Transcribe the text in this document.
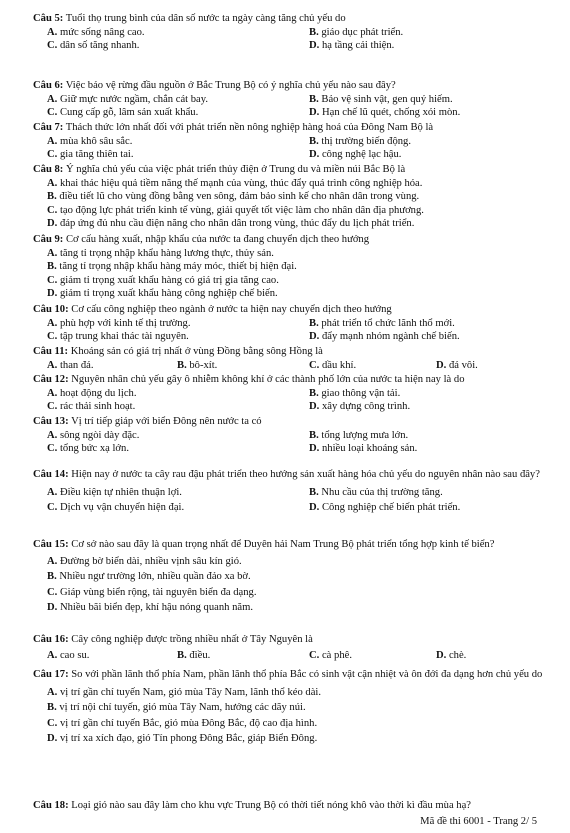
Câu 5: Tuổi thọ trung bình của dân số nước ta ngày càng tăng chủ yếu do
A. mức sống nâng cao.	B. giáo dục phát triển.
C. dân số tăng nhanh.	D. hạ tầng cải thiện.
Câu 6: Việc bảo vệ rừng đầu nguồn ở Bắc Trung Bộ có ý nghĩa chủ yếu nào sau đây?
A. Giữ mực nước ngầm, chắn cát bay.	B. Bảo vệ sinh vật, gen quý hiếm.
C. Cung cấp gỗ, lâm sản xuất khẩu.	D. Hạn chế lũ quét, chống xói mòn.
Câu 7: Thách thức lớn nhất đối với phát triển nền nông nghiệp hàng hoá của Đông Nam Bộ là
A. mùa khô sâu sắc.	B. thị trường biến động.
C. gia tăng thiên tai.	D. công nghệ lạc hậu.
Câu 8: Ý nghĩa chủ yếu của việc phát triển thủy điện ở Trung du và miền núi Bắc Bộ là
A. khai thác hiệu quả tiềm năng thế mạnh của vùng, thúc đẩy quá trình công nghiệp hóa.
B. điều tiết lũ cho vùng đồng bằng ven sông, đảm bảo sinh kế cho nhân dân trong vùng.
C. tạo động lực phát triển kinh tế vùng, giải quyết tốt việc làm cho nhân dân địa phương.
D. đáp ứng đủ nhu cầu điện năng cho nhân dân trong vùng, thúc đẩy du lịch phát triển.
Câu 9: Cơ cấu hàng xuất, nhập khẩu của nước ta đang chuyển dịch theo hướng
A. tăng tỉ trọng nhập khẩu hàng lương thực, thủy sản.
B. tăng tỉ trọng nhập khẩu hàng máy móc, thiết bị hiện đại.
C. giảm tỉ trọng xuất khẩu hàng có giá trị gia tăng cao.
D. giảm tỉ trọng xuất khẩu hàng công nghiệp chế biến.
Câu 10: Cơ cấu công nghiệp theo ngành ở nước ta hiện nay chuyển dịch theo hướng
A. phù hợp với kinh tế thị trường.	B. phát triển tổ chức lãnh thổ mới.
C. tập trung khai thác tài nguyên.	D. đẩy mạnh nhóm ngành chế biến.
Câu 11: Khoáng sản có giá trị nhất ở vùng Đồng bằng sông Hồng là
A. than đá.	B. bô-xít.	C. dầu khí.	D. đá vôi.
Câu 12: Nguyên nhân chủ yếu gây ô nhiễm không khí ở các thành phố lớn của nước ta hiện nay là do
A. hoạt động du lịch.	B. giao thông vận tải.
C. rác thải sinh hoạt.	D. xây dựng công trình.
Câu 13: Vị trí tiếp giáp với biển Đông nên nước ta có
A. sông ngòi dày đặc.	B. tổng lượng mưa lớn.
C. tổng bức xạ lớn.	D. nhiều loại khoáng sản.
Câu 14: Hiện nay ở nước ta cây rau đậu phát triển theo hướng sản xuất hàng hóa chủ yếu do nguyên nhân nào sau đây?
A. Điều kiện tự nhiên thuận lợi.	B. Nhu cầu của thị trường tăng.
C. Dịch vụ vận chuyển hiện đại.	D. Công nghiệp chế biến phát triển.
Câu 15: Cơ sở nào sau đây là quan trọng nhất để Duyên hải Nam Trung Bộ phát triển tổng hợp kinh tế biển?
A. Đường bờ biển dài, nhiều vịnh sâu kín gió.
B. Nhiều ngư trường lớn, nhiều quần đảo xa bờ.
C. Giáp vùng biển rộng, tài nguyên biển đa dạng.
D. Nhiều bãi biển đẹp, khí hậu nóng quanh năm.
Câu 16: Cây công nghiệp được trồng nhiều nhất ở Tây Nguyên là
A. cao su.	B. điều.	C. cà phê.	D. chè.
Câu 17: So với phần lãnh thổ phía Nam, phần lãnh thổ phía Bắc có sinh vật cận nhiệt và ôn đới đa dạng hơn chủ yếu do
A. vị trí gần chí tuyến Nam, gió mùa Tây Nam, lãnh thổ kéo dài.
B. vị trí nội chí tuyến, gió mùa Tây Nam, hướng các dãy núi.
C. vị trí gần chí tuyến Bắc, gió mùa Đông Bắc, độ cao địa hình.
D. vị trí xa xích đạo, gió Tín phong Đông Bắc, giáp Biển Đông.
Câu 18: Loại gió nào sau đây làm cho khu vực Trung Bộ có thời tiết nóng khô vào thời kì đầu mùa hạ?
Mã đề thi 6001 - Trang 2/ 5
